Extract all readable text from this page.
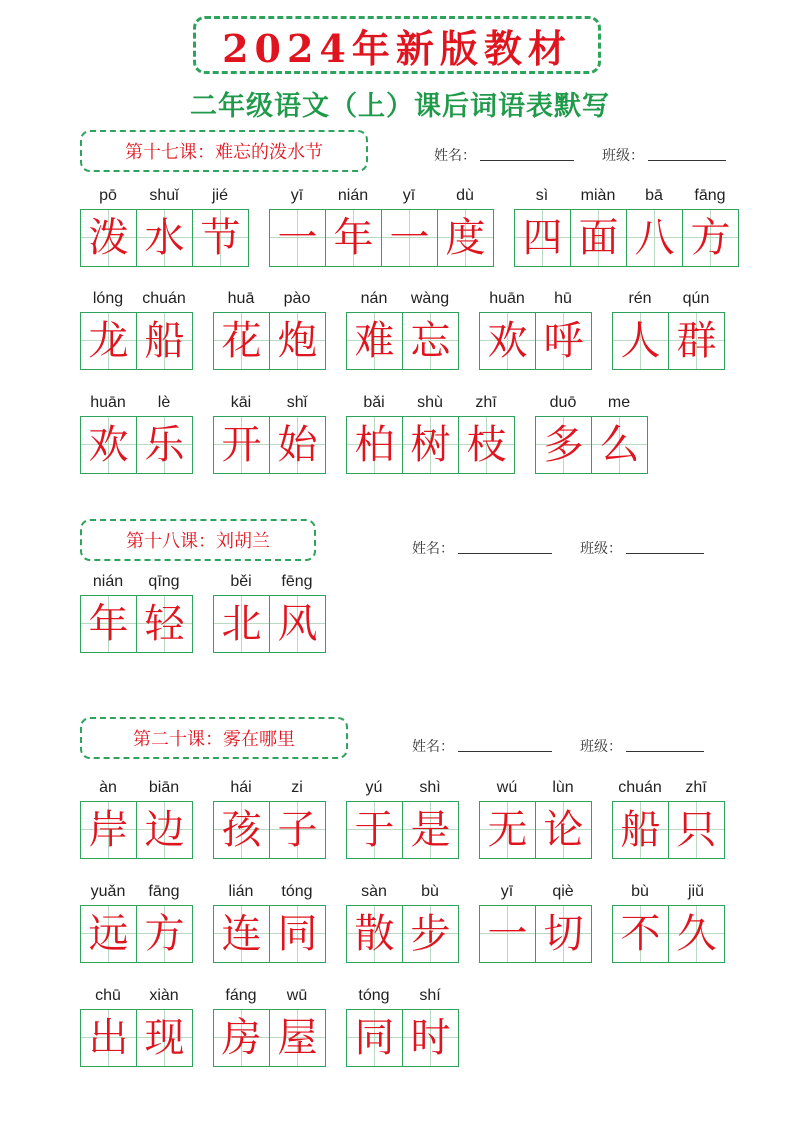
2024年新版教材
二年级语文（上）课后词语表默写
第十七课：难忘的泼水节	姓名：	班级：
pō	shuǐ	jié
泼 水 节
yī	nián	yī	dù
一 年 一 度
sì	miàn	bā	fāng
四 面 八 方
lóng	chuán
龙 船
huā	pào
花 炮
nán	wàng
难 忘
huān	hū
欢 呼
rén	qún
人 群
huān	lè
欢 乐
kāi	shǐ
开 始
bǎi	shù	zhī
柏 树 枝
duō	me
多 么
第十八课：刘胡兰	姓名：	班级：
nián	qīng
年 轻
běi	fēng
北 风
第二十课：雾在哪里	姓名：	班级：
àn	biān
岸 边
hái	zi
孩 子
yú	shì
于 是
wú	lùn
无 论
chuán	zhī
船 只
yuǎn	fāng
远 方
lián	tóng
连 同
sàn	bù
散 步
yī	qiè
一 切
bù	jiǔ
不 久
chū	xiàn
出 现
fáng	wū
房 屋
tóng	shí
同 时
